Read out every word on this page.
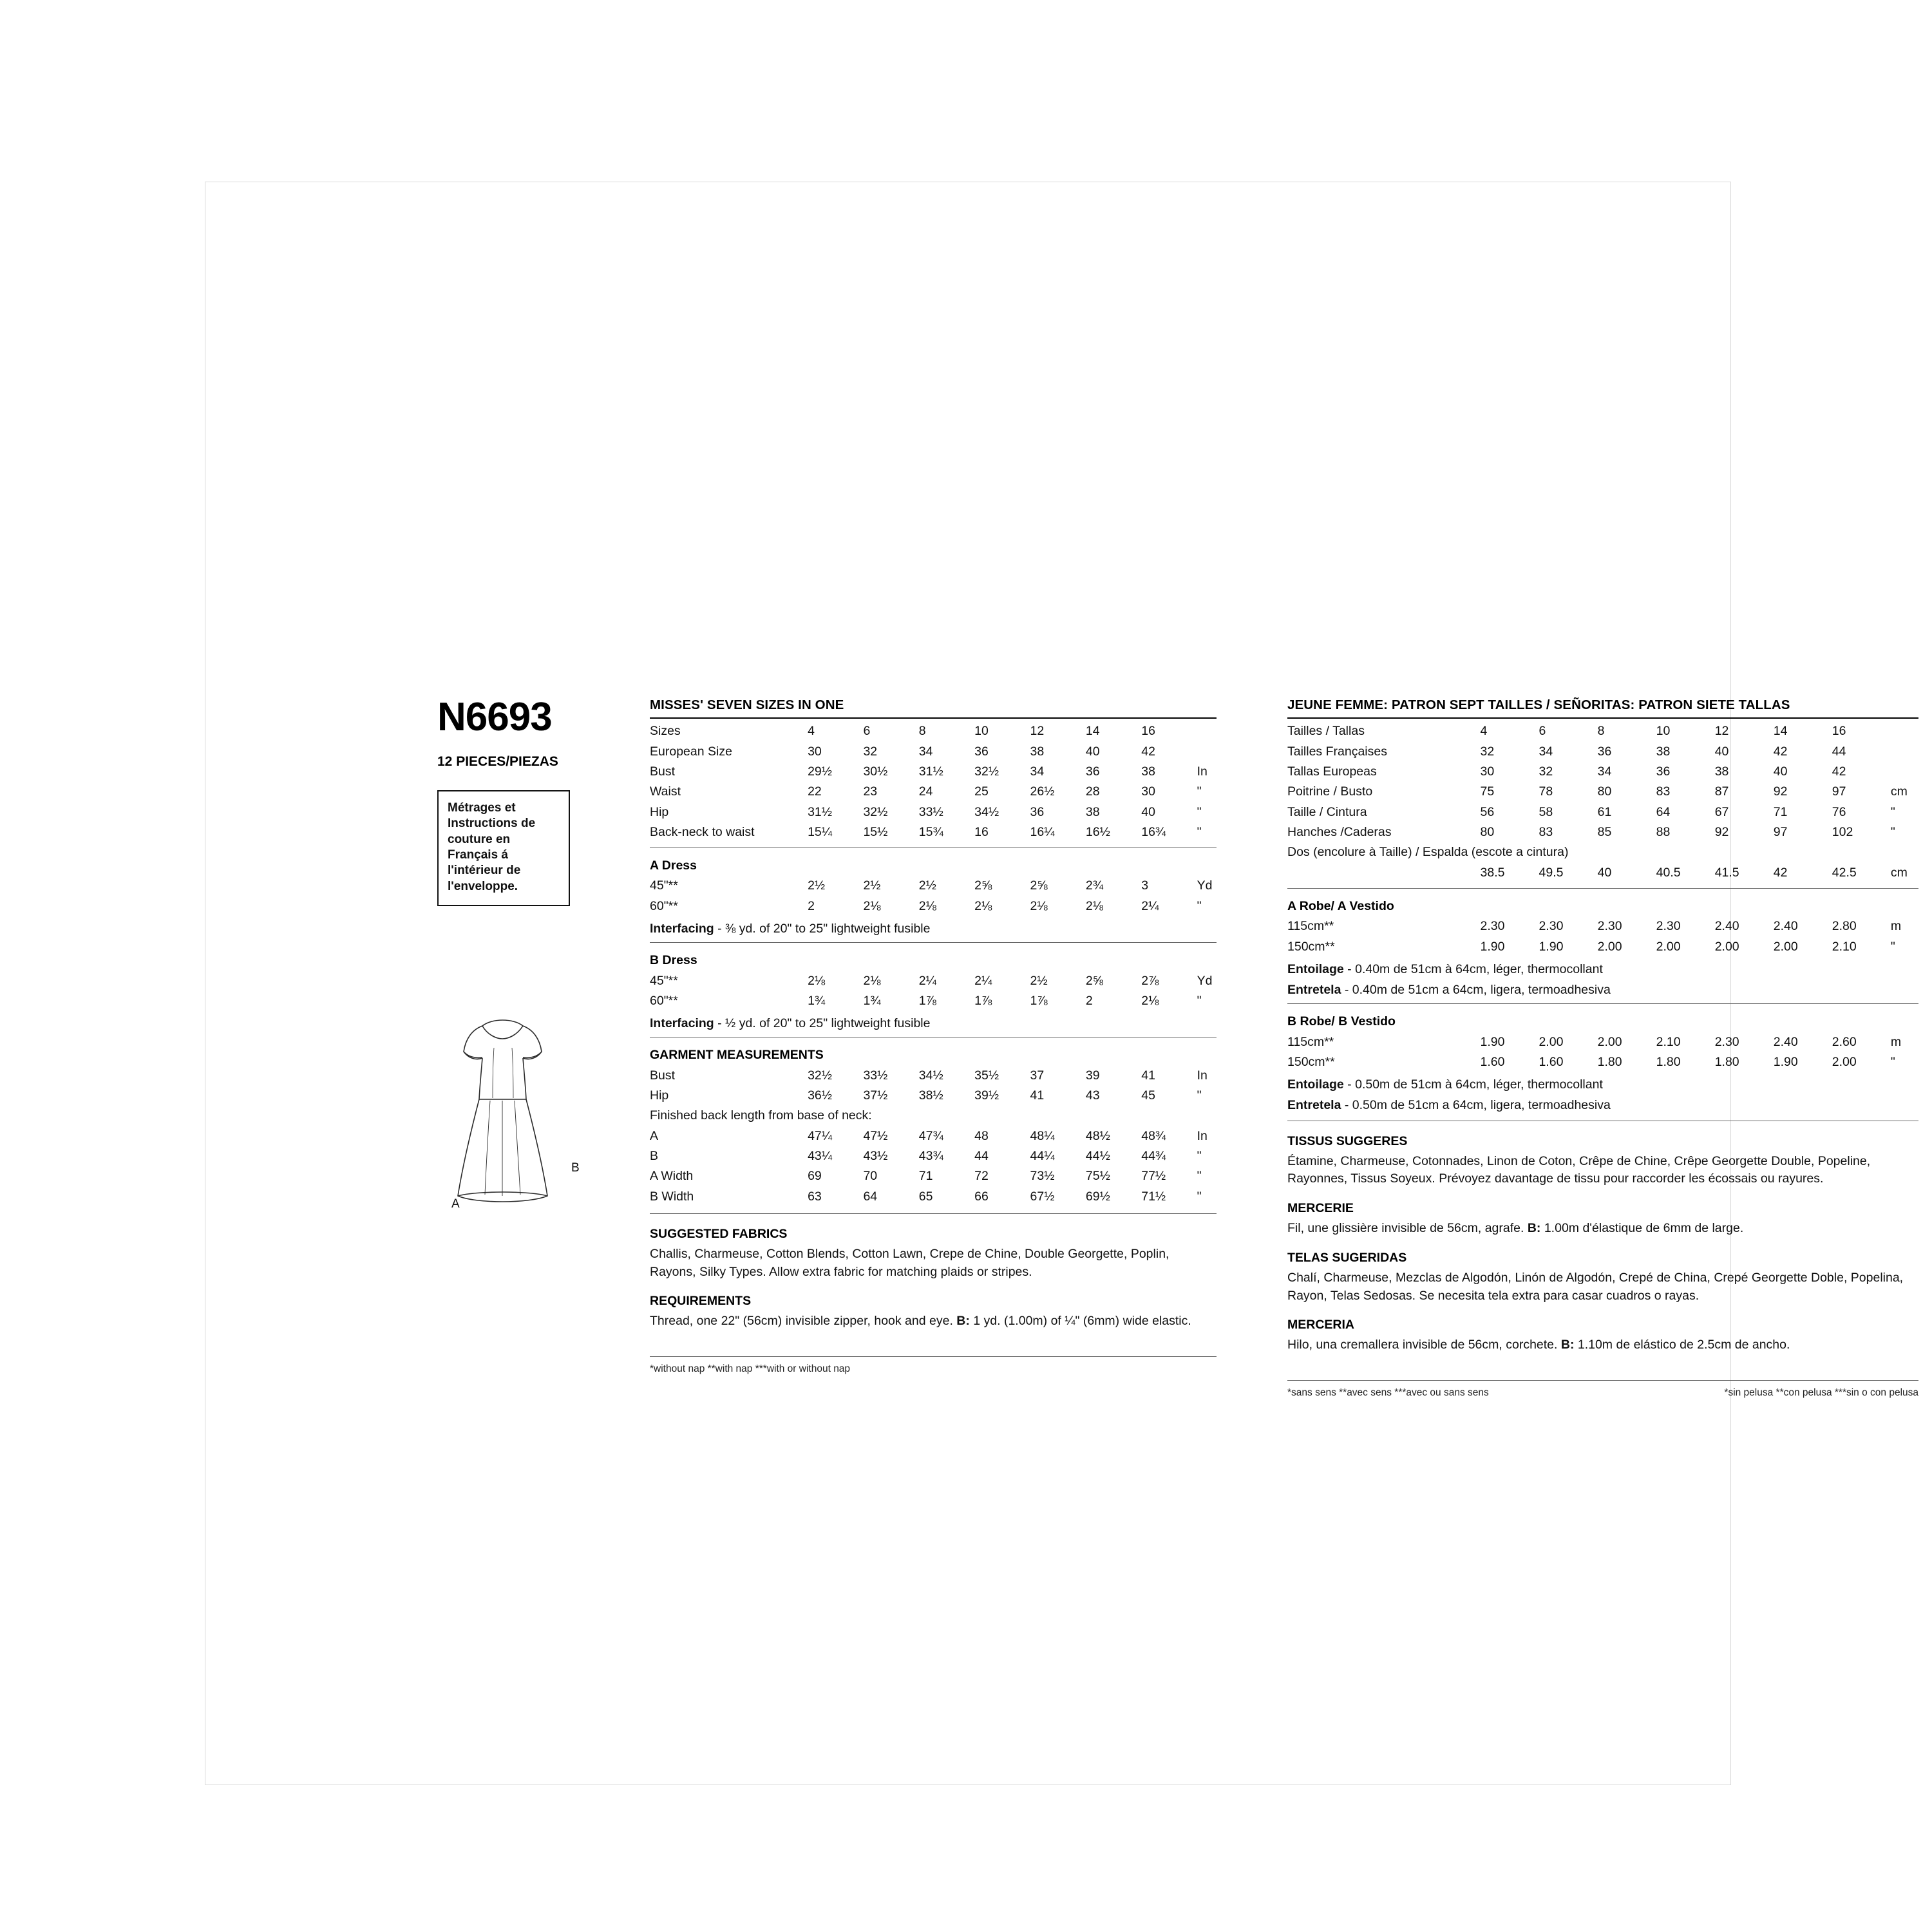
N6693
12 PIECES/PIEZAS

Métrages et Instructions de couture en Français á l'intérieur de l'enveloppe.

A
B
MISSES' SEVEN SIZES IN ONE
Sizes	4	6	8	10	12	14	16	
European Size	30	32	34	36	38	40	42	
Bust	29½	30½	31½	32½	34	36	38	In
Waist	22	23	24	25	26½	28	30	"
Hip	31½	32½	33½	34½	36	38	40	"
Back-neck to waist	15¼	15½	15¾	16	16¼	16½	16¾	"
A Dress
45"**	2½	2½	2½	2⅝	2⅝	2¾	3	Yd
60"**	2	2⅛	2⅛	2⅛	2⅛	2⅛	2¼	"
Interfacing - ⅜ yd. of 20" to 25" lightweight fusible
B Dress
45"**	2⅛	2⅛	2¼	2¼	2½	2⅝	2⅞	Yd
60"**	1¾	1¾	1⅞	1⅞	1⅞	2	2⅛	"
Interfacing - ½ yd. of 20" to 25" lightweight fusible
GARMENT MEASUREMENTS
Bust	32½	33½	34½	35½	37	39	41	In
Hip	36½	37½	38½	39½	41	43	45	"
Finished back length from base of neck:								
A	47¼	47½	47¾	48	48¼	48½	48¾	In
B	43¼	43½	43¾	44	44¼	44½	44¾	"
A Width	69	70	71	72	73½	75½	77½	"
B Width	63	64	65	66	67½	69½	71½	"
SUGGESTED FABRICS
Challis, Charmeuse, Cotton Blends, Cotton Lawn, Crepe de Chine, Double Georgette, Poplin, Rayons, Silky Types. Allow extra fabric for matching plaids or stripes.
REQUIREMENTS
Thread, one 22" (56cm) invisible zipper, hook and eye. B: 1 yd. (1.00m) of ¼" (6mm) wide elastic.
*without nap **with nap ***with or without nap
JEUNE FEMME: PATRON SEPT TAILLES / SEÑORITAS: PATRON SIETE TALLAS
Tailles / Tallas	4	6	8	10	12	14	16	
Tailles Françaises	32	34	36	38	40	42	44	
Tallas Europeas	30	32	34	36	38	40	42	
Poitrine / Busto	75	78	80	83	87	92	97	cm
Taille / Cintura	56	58	61	64	67	71	76	"
Hanches /Caderas	80	83	85	88	92	97	102	"
Dos (encolure à Taille) / Espalda (escote a cintura)								
	38.5	49.5	40	40.5	41.5	42	42.5	cm
A Robe/ A Vestido
115cm**	2.30	2.30	2.30	2.30	2.40	2.40	2.80	m
150cm**	1.90	1.90	2.00	2.00	2.00	2.00	2.10	"
Entoilage - 0.40m de 51cm à 64cm, léger, thermocollant
Entretela - 0.40m de 51cm a 64cm, ligera, termoadhesiva
B Robe/ B Vestido
115cm**	1.90	2.00	2.00	2.10	2.30	2.40	2.60	m
150cm**	1.60	1.60	1.80	1.80	1.80	1.90	2.00	"
Entoilage - 0.50m de 51cm à 64cm, léger, thermocollant
Entretela - 0.50m de 51cm a 64cm, ligera, termoadhesiva
TISSUS SUGGERES
Étamine, Charmeuse, Cotonnades, Linon de Coton, Crêpe de Chine, Crêpe Georgette Double, Popeline, Rayonnes, Tissus Soyeux. Prévoyez davantage de tissu pour raccorder les écossais ou rayures.
MERCERIE
Fil, une glissière invisible de 56cm, agrafe. B: 1.00m d'élastique de 6mm de large.
TELAS SUGERIDAS
Chalí, Charmeuse, Mezclas de Algodón, Linón de Algodón, Crepé de China, Crepé Georgette Doble, Popelina, Rayon, Telas Sedosas. Se necesita tela extra para casar cuadros o rayas.
MERCERIA
Hilo, una cremallera invisible de 56cm, corchete. B: 1.10m de elástico de 2.5cm de ancho.
*sans sens **avec sens ***avec ou sans sens	*sin pelusa **con pelusa ***sin o con pelusa
